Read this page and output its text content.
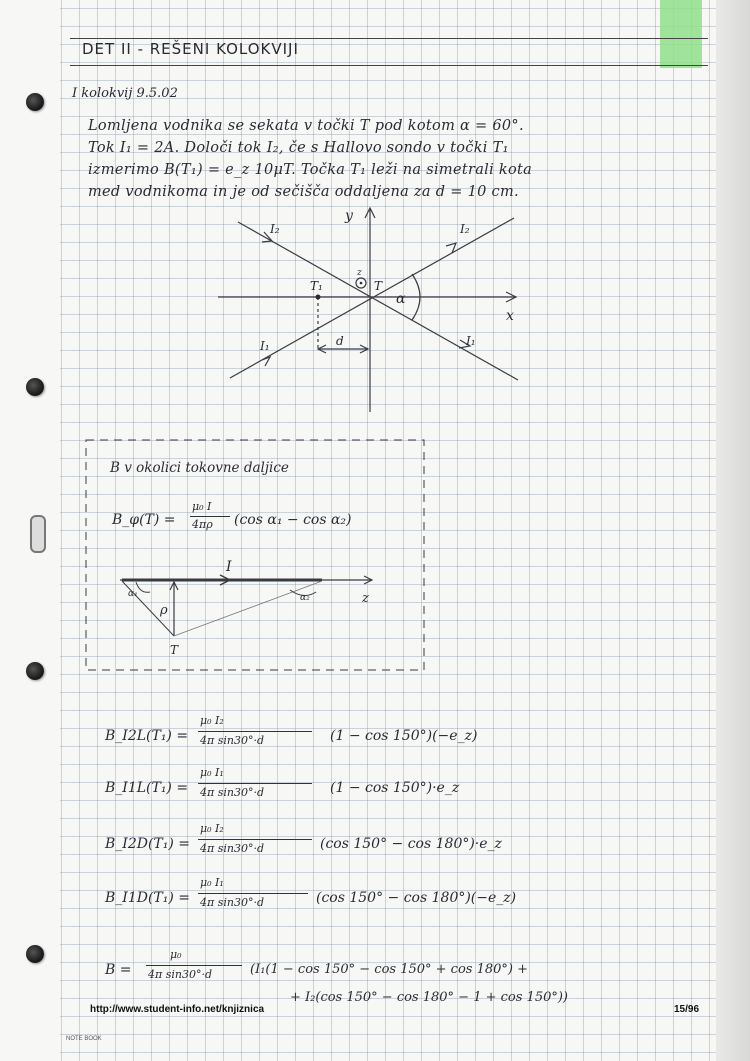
DET II - REŠENI KOLOKVIJI
I kolokvij 9.5.02
Lomljena vodnika se sekata v točki T pod kotom α = 60°.
Tok I₁ = 2A. Določi tok I₂, če s Hallovo sondo v točki T₁
izmerimo B(T₁) = e_z 10μT. Točka T₁ leži na simetrali kota
med vodnikoma in je od sečišča oddaljena za d = 10 cm.
y
x
I₂	I₂
I₁	I₁
T₁	T
z
α
d
I
z
ρ
T
α₁	α₂
B v okolici tokovne daljice
B_φ(T) =
μ₀ I
4πρ (cos α₁ − cos α₂)
B_I2L(T₁) =
μ₀ I₂
4π sin30°·d	(1 − cos 150°)(−e_z)
B_I1L(T₁) =
μ₀ I₁
4π sin30°·d	(1 − cos 150°)·e_z
B_I2D(T₁) =
μ₀ I₂
4π sin30°·d	(cos 150° − cos 180°)·e_z
B_I1D(T₁) =
μ₀ I₁
4π sin30°·d	(cos 150° − cos 180°)(−e_z)
B =
μ₀
4π sin30°·d	(I₁(1 − cos 150° − cos 150° + cos 180°) +
+ I₂(cos 150° − cos 180° − 1 + cos 150°))
http://www.student-info.net/knjiznica	15/96
NOTE BOOK
